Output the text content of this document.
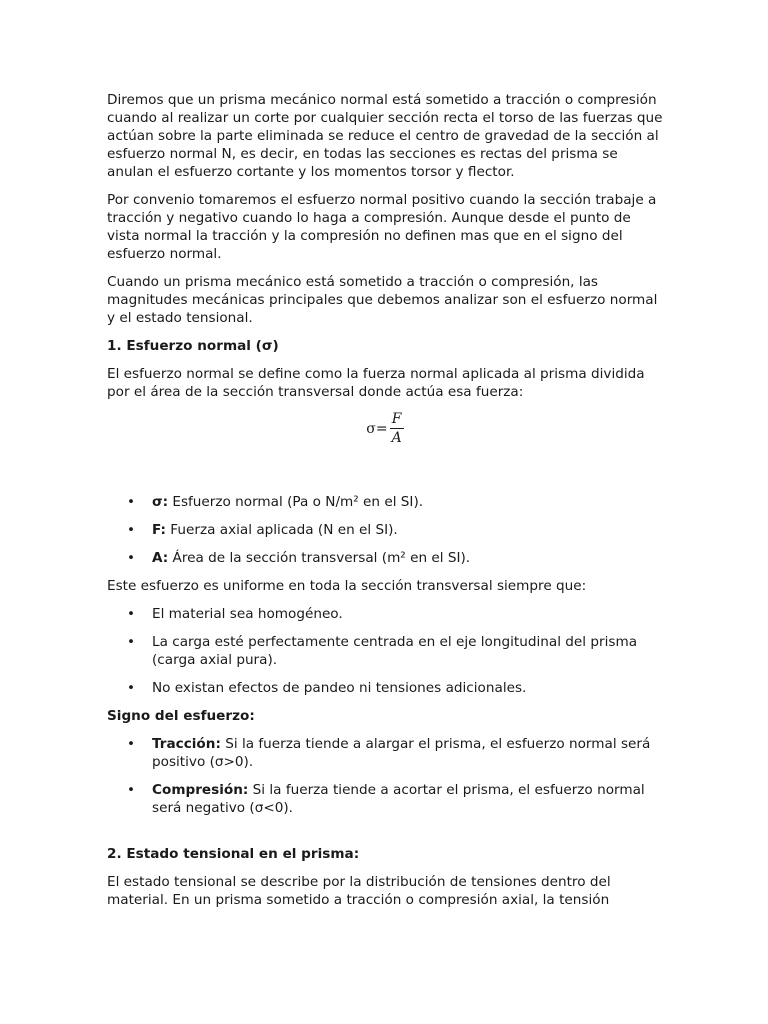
Diremos que un prisma mecánico normal está sometido a tracción o compresión cuando al realizar un corte por cualquier sección recta el torso de las fuerzas que actúan sobre la parte eliminada se reduce el centro de gravedad de la sección al esfuerzo normal N, es decir, en todas las secciones es rectas del prisma se anulan el esfuerzo cortante y los momentos torsor y flector.

Por convenio tomaremos el esfuerzo normal positivo cuando la sección trabaje a tracción y negativo cuando lo haga a compresión. Aunque desde el punto de vista normal la tracción y la compresión no definen mas que en el signo del esfuerzo normal.

Cuando un prisma mecánico está sometido a tracción o compresión, las magnitudes mecánicas principales que debemos analizar son el esfuerzo normal y el estado tensional.

1. Esfuerzo normal (σ)

El esfuerzo normal se define como la fuerza normal aplicada al prisma dividida por el área de la sección transversal donde actúa esa fuerza:

$\sigma = \frac{F}{A}$
• σ: Esfuerzo normal (Pa o N/m² en el SI).
• F: Fuerza axial aplicada (N en el SI).
• A: Área de la sección transversal (m² en el SI).

Este esfuerzo es uniforme en toda la sección transversal siempre que:

• El material sea homogéneo.
• La carga esté perfectamente centrada en el eje longitudinal del prisma (carga axial pura).
• No existan efectos de pandeo ni tensiones adicionales.
Signo del esfuerzo:
• Tracción: Si la fuerza tiende a alargar el prisma, el esfuerzo normal será positivo (σ>0).
• Compresión: Si la fuerza tiende a acortar el prisma, el esfuerzo normal será negativo (σ<0).
2. Estado tensional en el prisma:

El estado tensional se describe por la distribución de tensiones dentro del material. En un prisma sometido a tracción o compresión axial, la tensión
